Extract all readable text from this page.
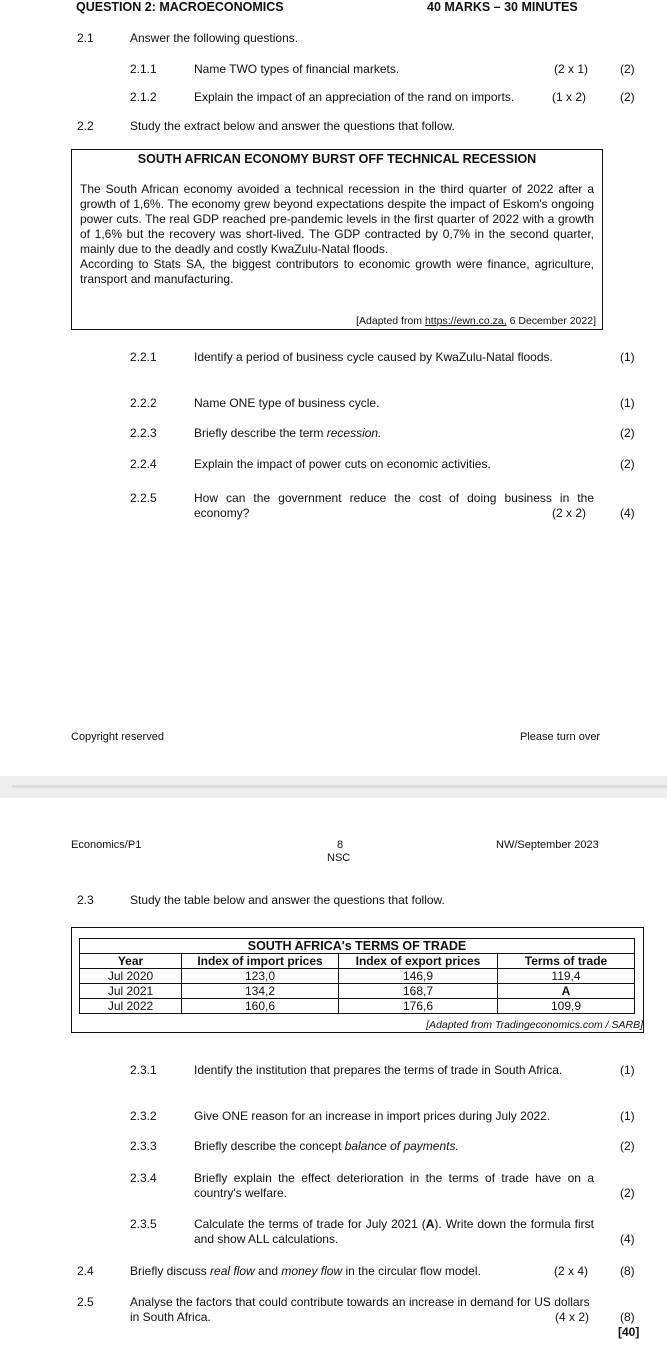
QUESTION 2: MACROECONOMICS	40 MARKS – 30 MINUTES
2.1	Answer the following questions.
2.1.1	Name TWO types of financial markets.	(2 x 1)	(2)
2.1.2	Explain the impact of an appreciation of the rand on imports.	(1 x 2)	(2)
2.2	Study the extract below and answer the questions that follow.
SOUTH AFRICAN ECONOMY BURST OFF TECHNICAL RECESSION
The South African economy avoided a technical recession in the third quarter of 2022 after a growth of 1,6%. The economy grew beyond expectations despite the impact of Eskom's ongoing power cuts. The real GDP reached pre-pandemic levels in the first quarter of 2022 with a growth of 1,6% but the recovery was short-lived. The GDP contracted by 0,7% in the second quarter, mainly due to the deadly and costly KwaZulu-Natal floods.
According to Stats SA, the biggest contributors to economic growth were finance, agriculture, transport and manufacturing.
[Adapted from https://ewn.co.za, 6 December 2022]
2.2.1	Identify a period of business cycle caused by KwaZulu-Natal floods.	(1)
2.2.2	Name ONE type of business cycle.	(1)
2.2.3	Briefly describe the term recession.	(2)
2.2.4	Explain the impact of power cuts on economic activities.	(2)
2.2.5	How can the government reduce the cost of doing business in the economy?	(2 x 2)	(4)
Copyright reserved	Please turn over
Economics/P1	8
NSC
NW/September 2023
2.3	Study the table below and answer the questions that follow.
SOUTH AFRICA's TERMS OF TRADE			
Year	Index of import prices	Index of export prices	Terms of trade
Jul 2020	123,0	146,9	119,4
Jul 2021	134,2	168,7	A
Jul 2022	160,6	176,6	109,9
[Adapted from Tradingeconomics.com / SARB]
2.3.1	Identify the institution that prepares the terms of trade in South Africa.	(1)
2.3.2	Give ONE reason for an increase in import prices during July 2022.	(1)
2.3.3	Briefly describe the concept balance of payments.	(2)
2.3.4	Briefly explain the effect deterioration in the terms of trade have on a country's welfare.	(2)
2.3.5	Calculate the terms of trade for July 2021 (A). Write down the formula first and show ALL calculations.	(4)
2.4	Briefly discuss real flow and money flow in the circular flow model.	(2 x 4)	(8)
2.5	Analyse the factors that could contribute towards an increase in demand for US dollars in South Africa.	(4 x 2)	(8)
[40]
